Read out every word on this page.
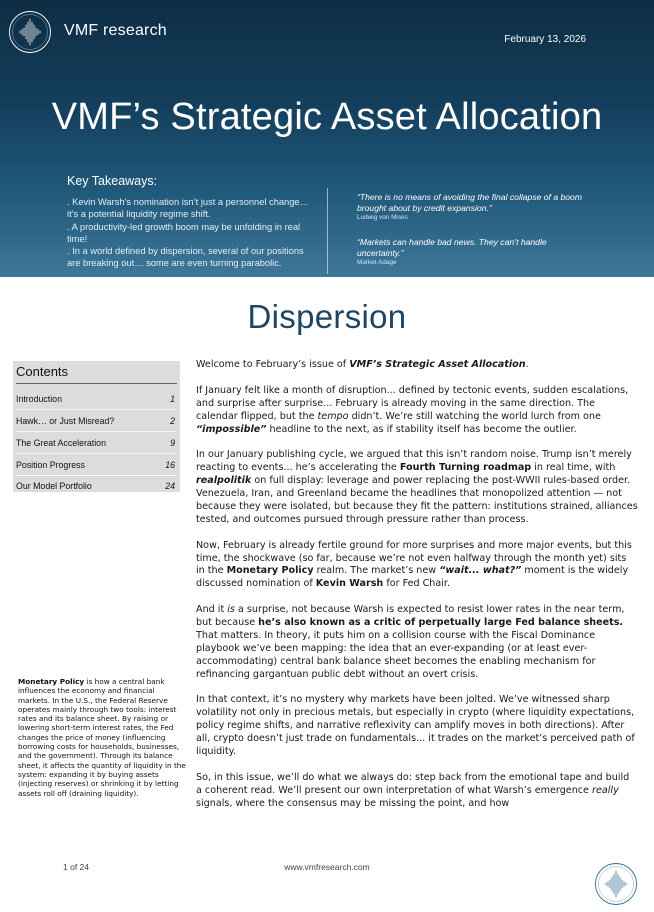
VMF research
February 13, 2026
VMF’s Strategic Asset Allocation
Key Takeaways:
. Kevin Warsh’s nomination isn’t just a personnel change… it’s a potential liquidity regime shift.
. A productivity-led growth boom may be unfolding in real time!
. In a world defined by dispersion, several of our positions are breaking out… some are even turning parabolic.
“There is no means of avoiding the final collapse of a boom brought about by credit expansion.”
Ludwig von Mises
“Markets can handle bad news. They can’t handle uncertainty.”
Market Adage
Dispersion
Contents
Introduction	1
Hawk… or Just Misread?	2
The Great Acceleration	9
Position Progress	16
Our Model Portfolio	24
Monetary Policy is how a central bank influences the economy and financial markets. In the U.S., the Federal Reserve operates mainly through two tools: interest rates and its balance sheet. By raising or lowering short-term interest rates, the Fed changes the price of money (influencing borrowing costs for households, businesses, and the government). Through its balance sheet, it affects the quantity of liquidity in the system: expanding it by buying assets (injecting reserves) or shrinking it by letting assets roll off (draining liquidity).

Welcome to February’s issue of VMF’s Strategic Asset Allocation.

If January felt like a month of disruption... defined by tectonic events, sudden escalations, and surprise after surprise... February is already moving in the same direction. The calendar flipped, but the tempo didn’t. We’re still watching the world lurch from one “impossible” headline to the next, as if stability itself has become the outlier.

In our January publishing cycle, we argued that this isn’t random noise. Trump isn’t merely reacting to events... he’s accelerating the Fourth Turning roadmap in real time, with realpolitik on full display: leverage and power replacing the post-WWII rules-based order. Venezuela, Iran, and Greenland became the headlines that monopolized attention — not because they were isolated, but because they fit the pattern: institutions strained, alliances tested, and outcomes pursued through pressure rather than process.

Now, February is already fertile ground for more surprises and more major events, but this time, the shockwave (so far, because we’re not even halfway through the month yet) sits in the Monetary Policy realm. The market’s new “wait... what?” moment is the widely discussed nomination of Kevin Warsh for Fed Chair.

And it is a surprise, not because Warsh is expected to resist lower rates in the near term, but because he’s also known as a critic of perpetually large Fed balance sheets. That matters. In theory, it puts him on a collision course with the Fiscal Dominance playbook we’ve been mapping: the idea that an ever-expanding (or at least ever-accommodating) central bank balance sheet becomes the enabling mechanism for refinancing gargantuan public debt without an overt crisis.

In that context, it’s no mystery why markets have been jolted. We’ve witnessed sharp volatility not only in precious metals, but especially in crypto (where liquidity expectations, policy regime shifts, and narrative reflexivity can amplify moves in both directions). After all, crypto doesn’t just trade on fundamentals... it trades on the market’s perceived path of liquidity.

So, in this issue, we’ll do what we always do: step back from the emotional tape and build a coherent read. We’ll present our own interpretation of what Warsh’s emergence really signals, where the consensus may be missing the point, and how

1 of 24	www.vmfresearch.com
